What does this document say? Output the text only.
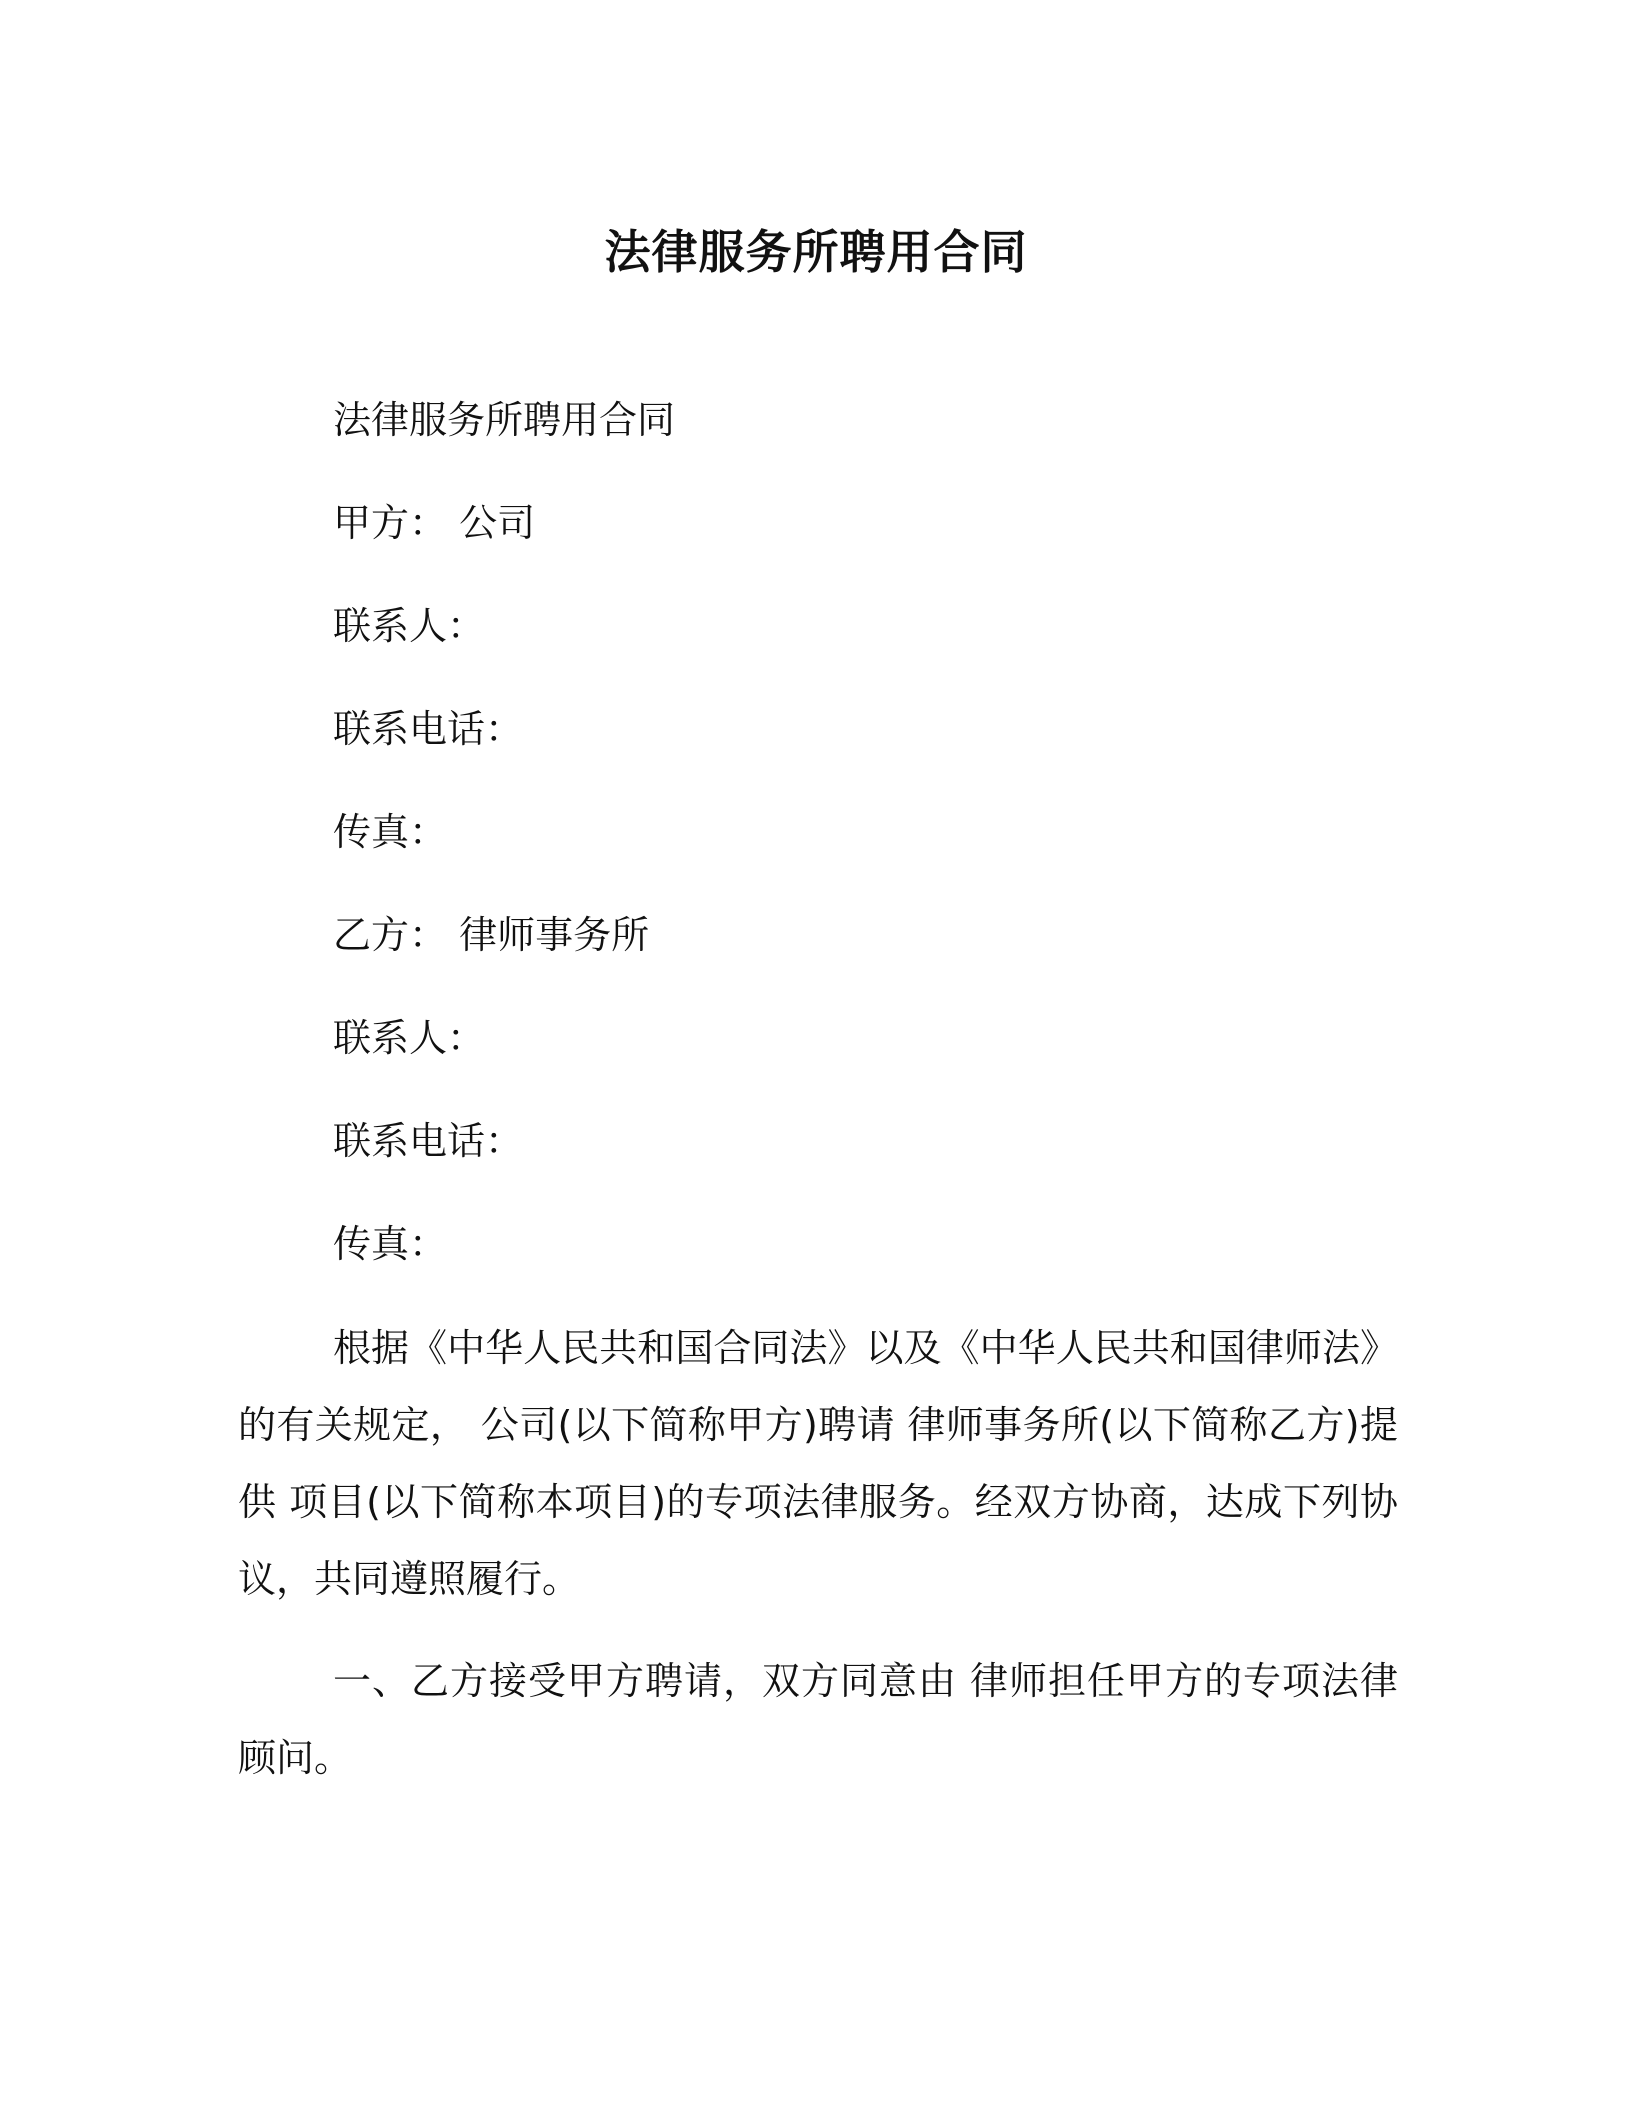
法律服务所聘用合同

法律服务所聘用合同

甲方： 公司

联系人：

联系电话：

传真：

乙方： 律师事务所

联系人：

联系电话：

传真：

根据《中华人民共和国合同法》以及《中华人民共和国律师法》的有关规定， 公司(以下简称甲方)聘请 律师事务所(以下简称乙方)提供 项目(以下简称本项目)的专项法律服务。经双方协商，达成下列协议，共同遵照履行。

一、乙方接受甲方聘请，双方同意由 律师担任甲方的专项法律顾问。
